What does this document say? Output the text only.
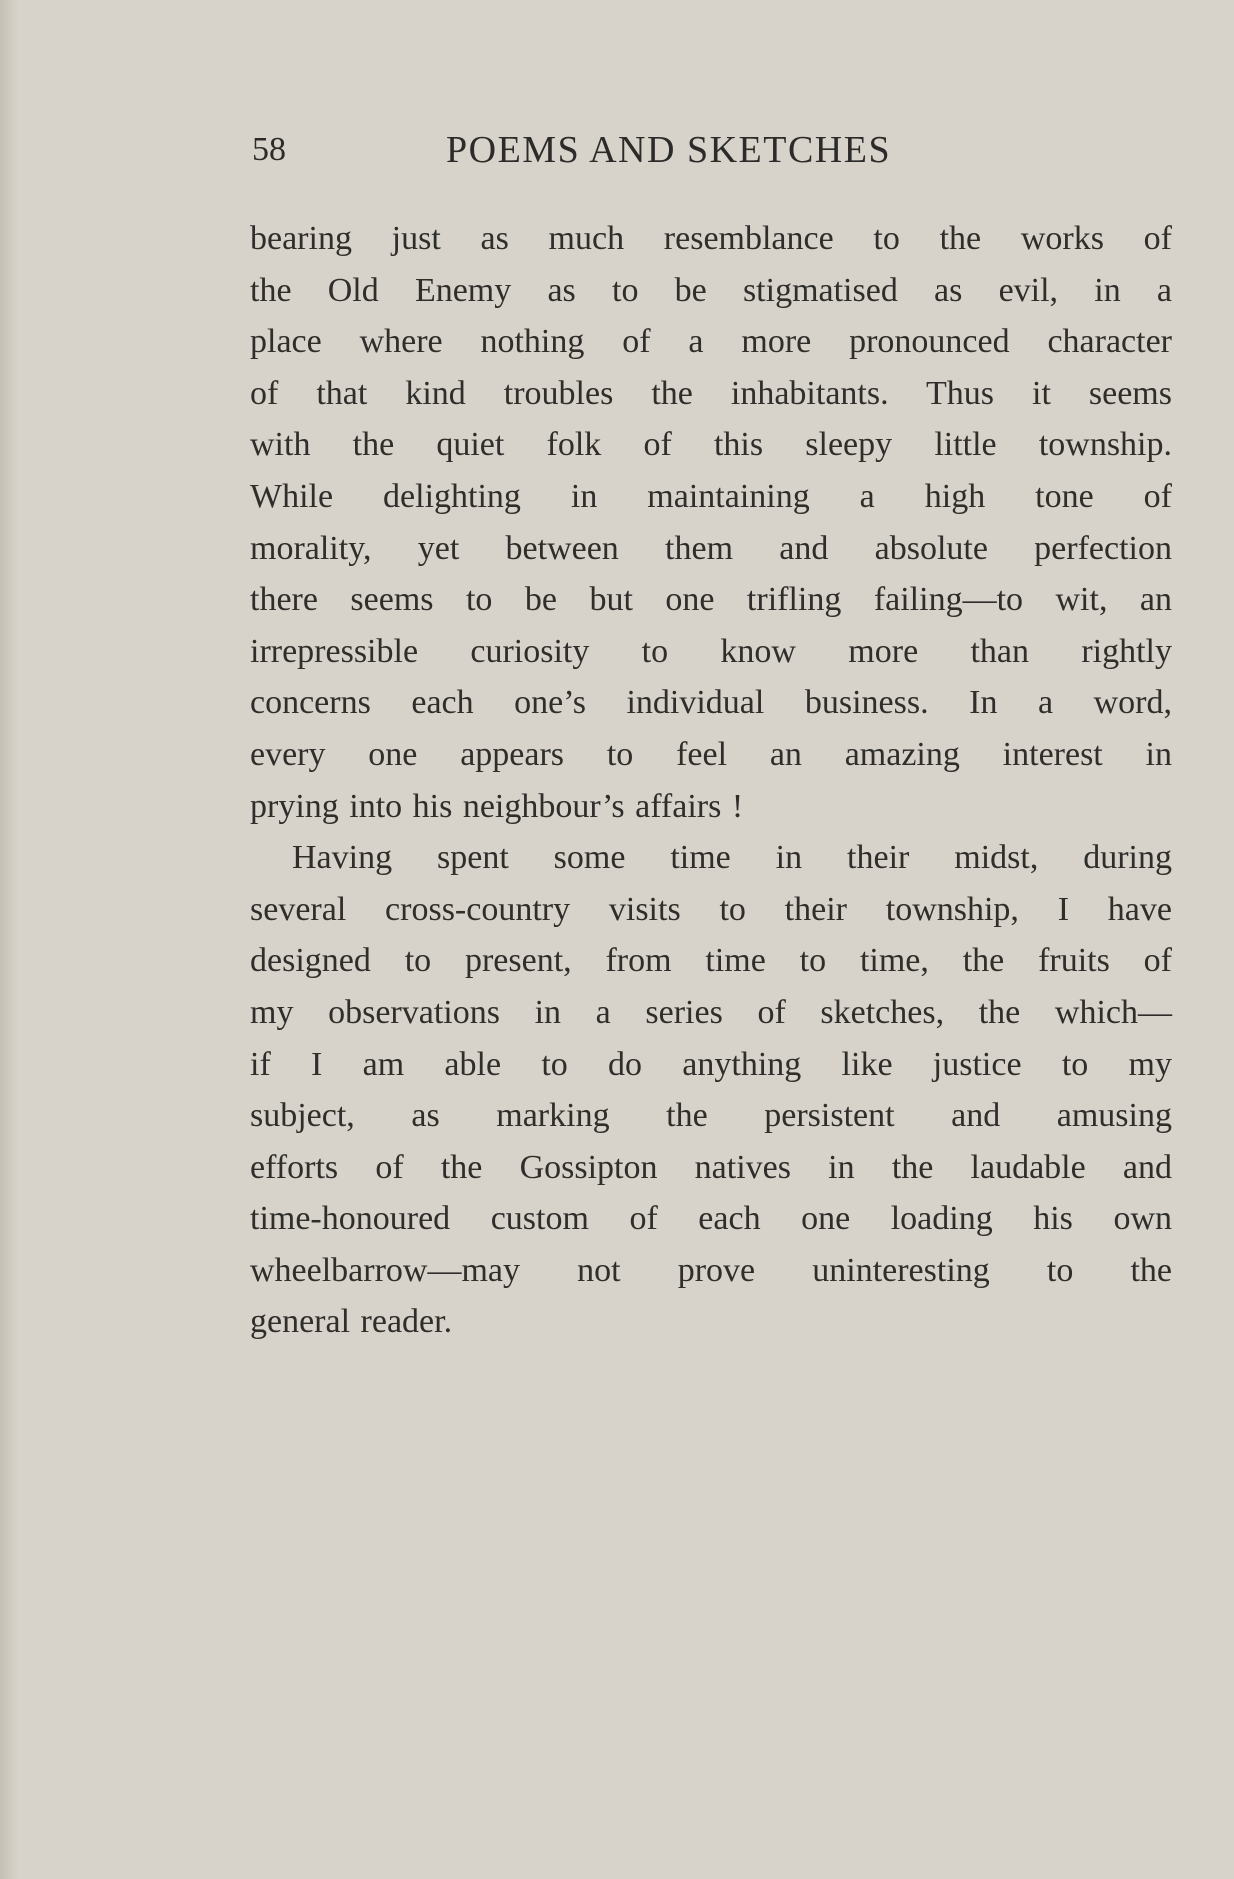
58	POEMS AND SKETCHES
bearing just as much resemblance to the works of
the Old Enemy as to be stigmatised as evil, in a
place where nothing of a more pronounced character
of that kind troubles the inhabitants. Thus it seems
with the quiet folk of this sleepy little township.
While delighting in maintaining a high tone of
morality, yet between them and absolute perfection
there seems to be but one trifling failing—to wit, an
irrepressible curiosity to know more than rightly
concerns each one’s individual business. In a word,
every one appears to feel an amazing interest in
prying into his neighbour’s affairs !
Having spent some time in their midst, during
several cross-country visits to their township, I have
designed to present, from time to time, the fruits of
my observations in a series of sketches, the which—
if I am able to do anything like justice to my
subject, as marking the persistent and amusing
efforts of the Gossipton natives in the laudable and
time-honoured custom of each one loading his own
wheelbarrow—may not prove uninteresting to the
general reader.
